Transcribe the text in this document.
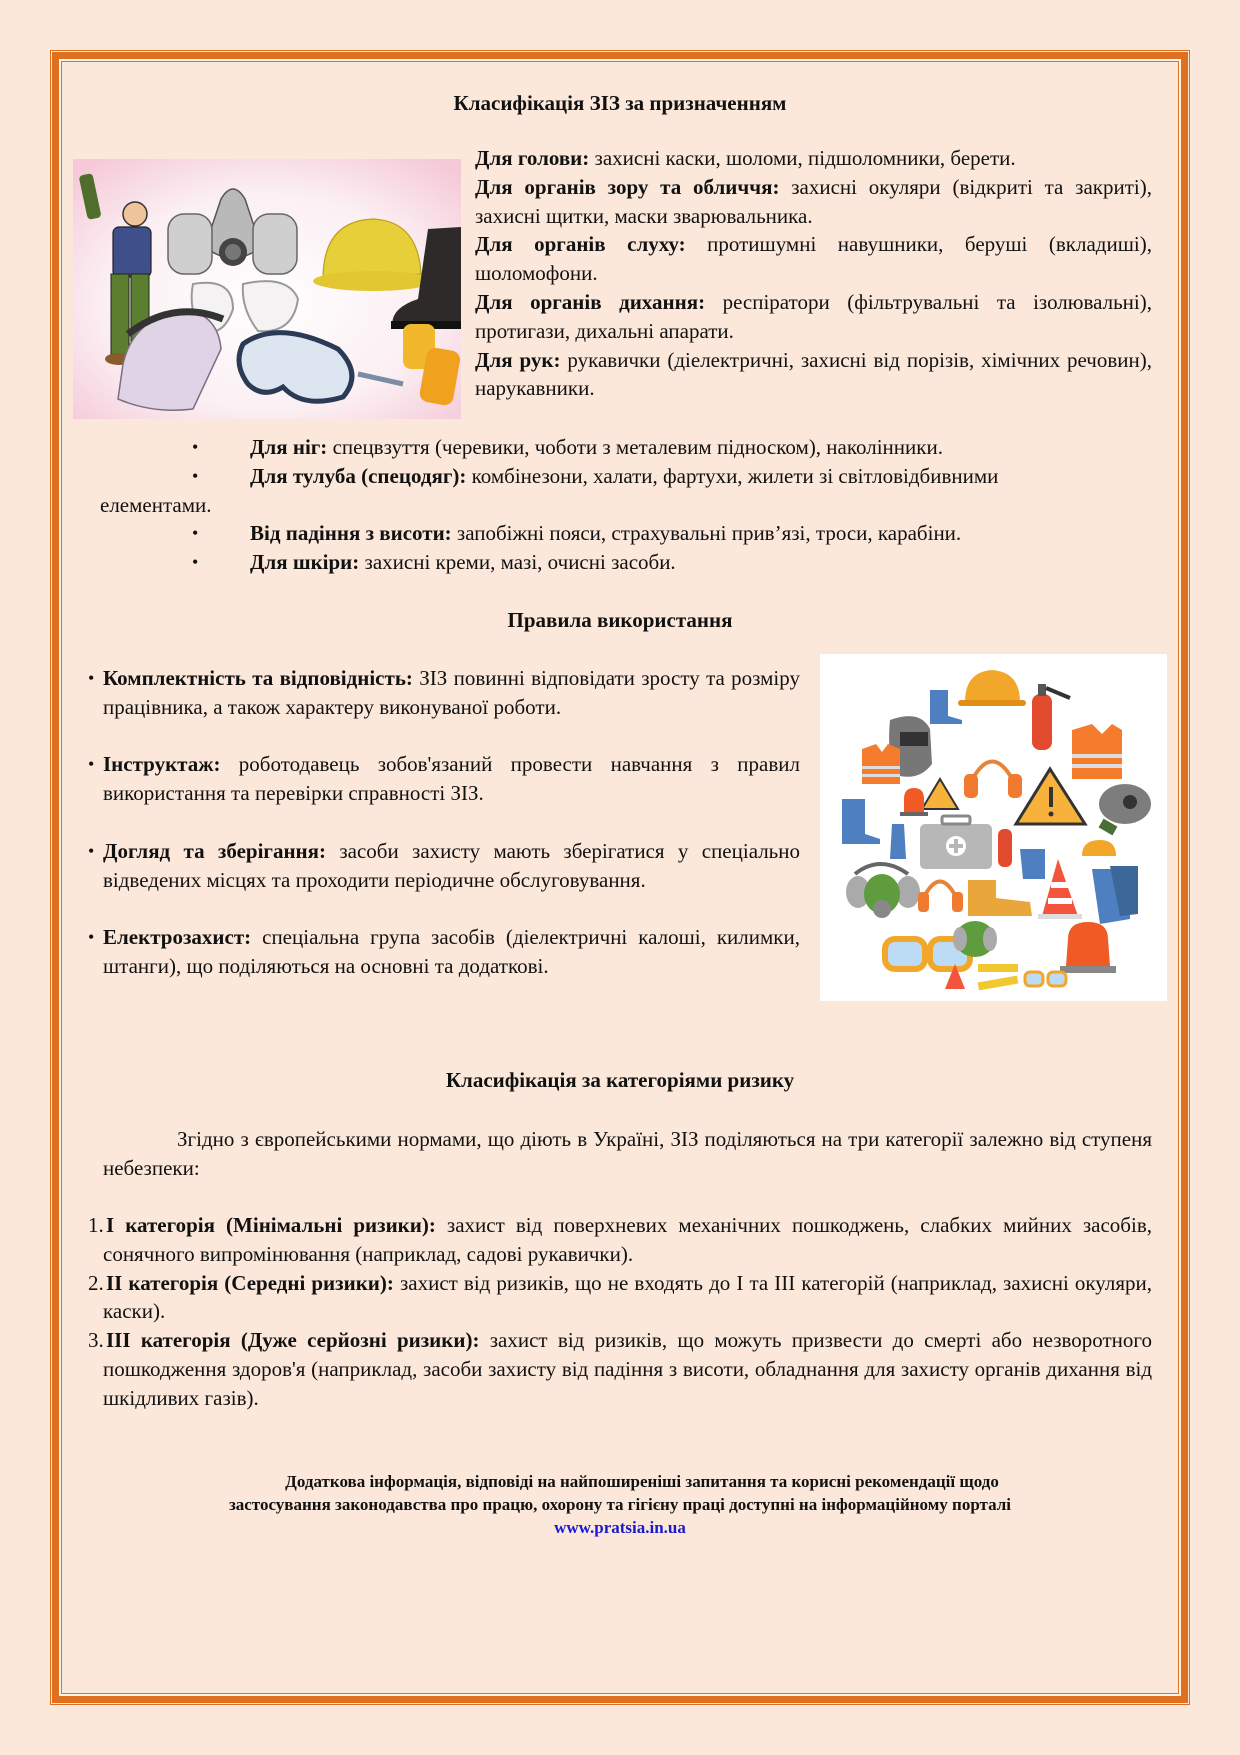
Класифікація ЗІЗ за призначенням
Для голови: захисні каски, шоломи, підшоломники, берети.
Для органів зору та обличчя: захисні окуляри (відкриті та закриті), захисні щитки, маски зварювальника.
Для органів слуху: протишумні навушники, беруші (вкладиші), шоломофони.
Для органів дихання: респіратори (фільтрувальні та ізолювальні), протигази, дихальні апарати.
Для рук: рукавички (діелектричні, захисні від порізів, хімічних речовин), нарукавники.
• Для ніг: спецвзуття (черевики, чоботи з металевим підноском), наколінники.
• Для тулуба (спецодяг): комбінезони, халати, фартухи, жилети зі світловідбивними
елементами.
• Від падіння з висоти: запобіжні пояси, страхувальні прив’язі, троси, карабіни.
• Для шкіри: захисні креми, мазі, очисні засоби.
Правила використання
• Комплектність та відповідність: ЗІЗ повинні відповідати зросту та розміру працівника, а також характеру виконуваної роботи.
• Інструктаж: роботодавець зобов'язаний провести навчання з правил використання та перевірки справності ЗІЗ.
• Догляд та зберігання: засоби захисту мають зберігатися у спеціально відведених місцях та проходити періодичне обслуговування.
• Електрозахист: спеціальна група засобів (діелектричні калоші, килимки, штанги), що поділяються на основні та додаткові.
Класифікація за категоріями ризику
Згідно з європейськими нормами, що діють в Україні, ЗІЗ поділяються на три категорії залежно від ступеня небезпеки:
1. I категорія (Мінімальні ризики): захист від поверхневих механічних пошкоджень, слабких мийних засобів, сонячного випромінювання (наприклад, садові рукавички).
2. II категорія (Середні ризики): захист від ризиків, що не входять до I та III категорій (наприклад, захисні окуляри, каски).
3. III категорія (Дуже серйозні ризики): захист від ризиків, що можуть призвести до смерті або незворотного пошкодження здоров'я (наприклад, засоби захисту від падіння з висоти, обладнання для захисту органів дихання від шкідливих газів).
Додаткова інформація, відповіді на найпоширеніші запитання та корисні рекомендації щодо
застосування законодавства про працю, охорону та гігієну праці доступні на інформаційному порталі
www.pratsia.in.ua
